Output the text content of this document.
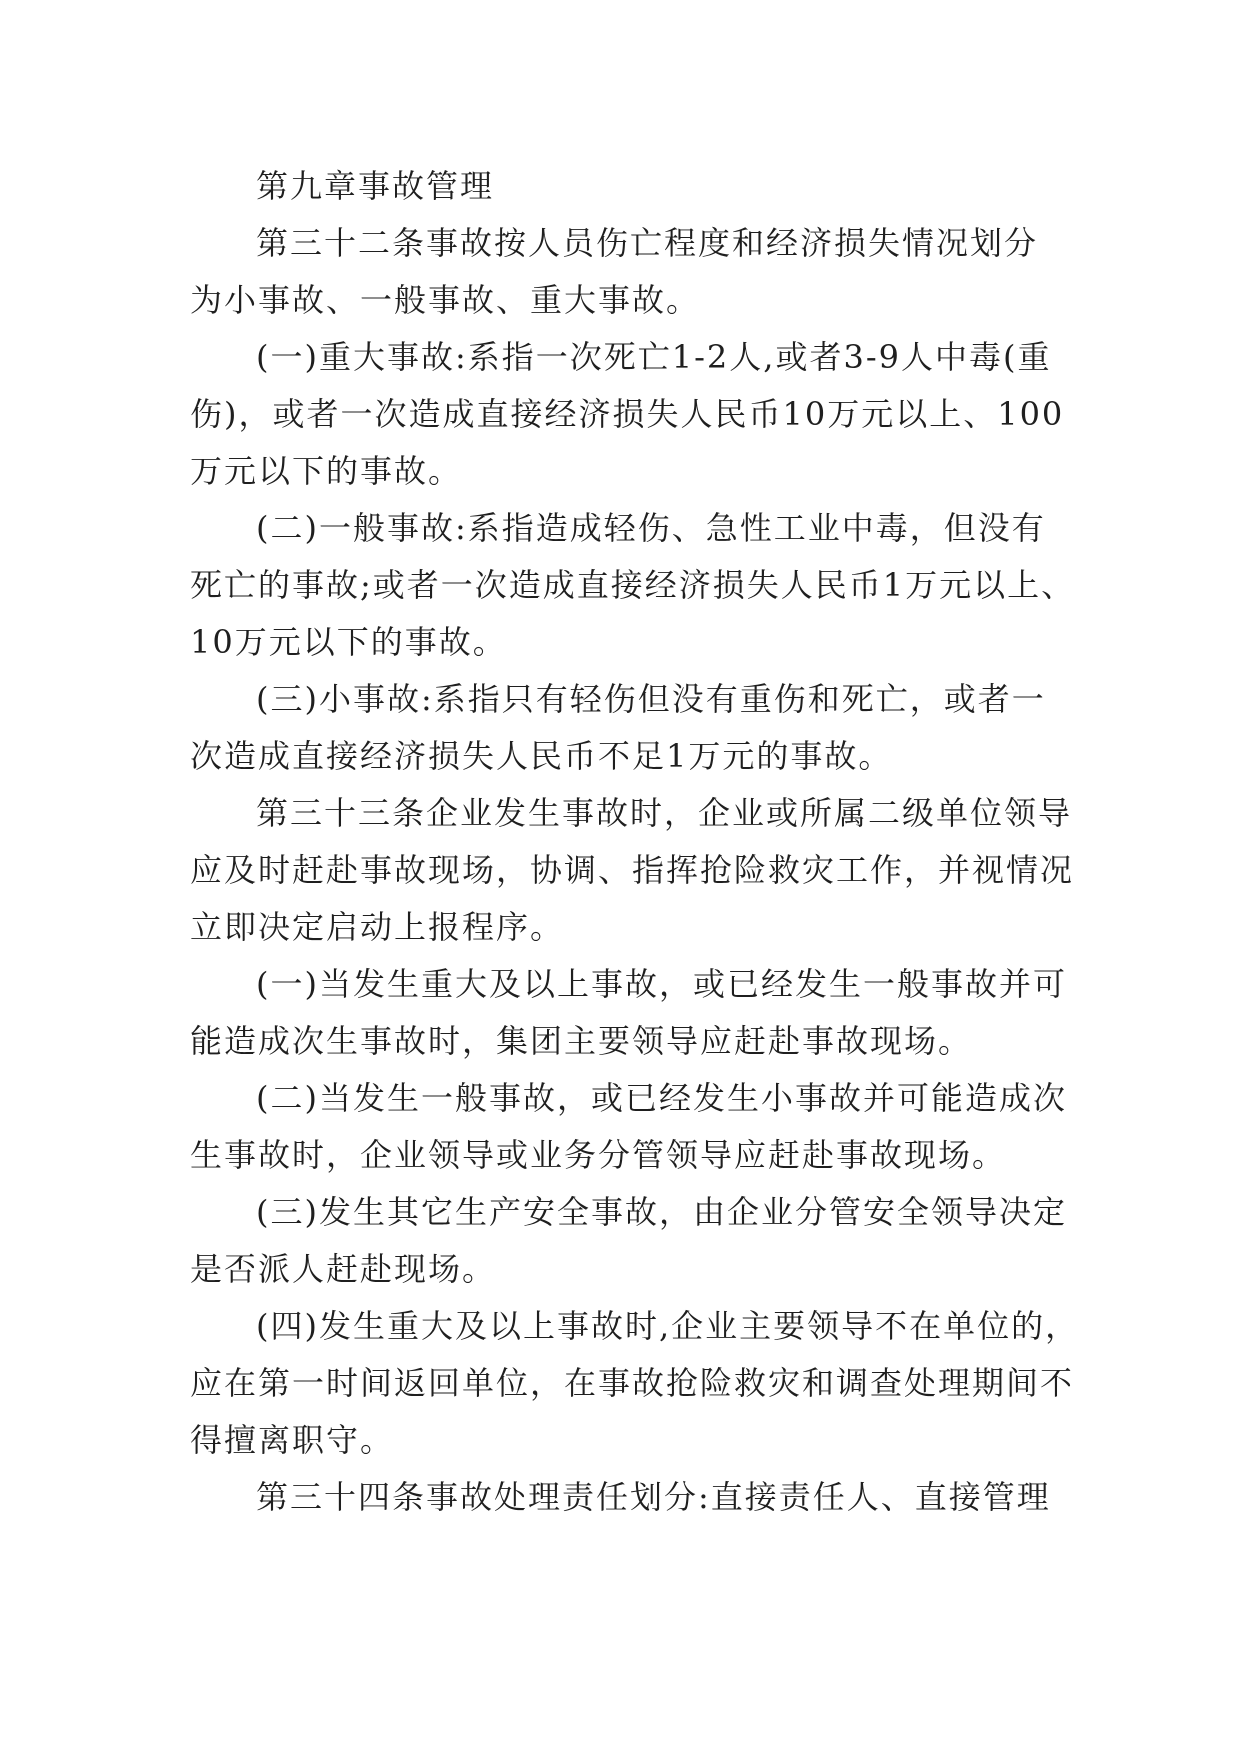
第九章事故管理
第三十二条事故按人员伤亡程度和经济损失情况划分
为小事故、一般事故、重大事故。
(一)重大事故:系指一次死亡1-2人,或者3-9人中毒(重
伤)，或者一次造成直接经济损失人民币10万元以上、100
万元以下的事故。
(二)一般事故:系指造成轻伤、急性工业中毒，但没有
死亡的事故;或者一次造成直接经济损失人民币1万元以上、
10万元以下的事故。
(三)小事故:系指只有轻伤但没有重伤和死亡，或者一
次造成直接经济损失人民币不足1万元的事故。
第三十三条企业发生事故时，企业或所属二级单位领导
应及时赶赴事故现场，协调、指挥抢险救灾工作，并视情况
立即决定启动上报程序。
(一)当发生重大及以上事故，或已经发生一般事故并可
能造成次生事故时，集团主要领导应赶赴事故现场。
(二)当发生一般事故，或已经发生小事故并可能造成次
生事故时，企业领导或业务分管领导应赶赴事故现场。
(三)发生其它生产安全事故，由企业分管安全领导决定
是否派人赶赴现场。
(四)发生重大及以上事故时,企业主要领导不在单位的，
应在第一时间返回单位，在事故抢险救灾和调查处理期间不
得擅离职守。
第三十四条事故处理责任划分:直接责任人、直接管理
